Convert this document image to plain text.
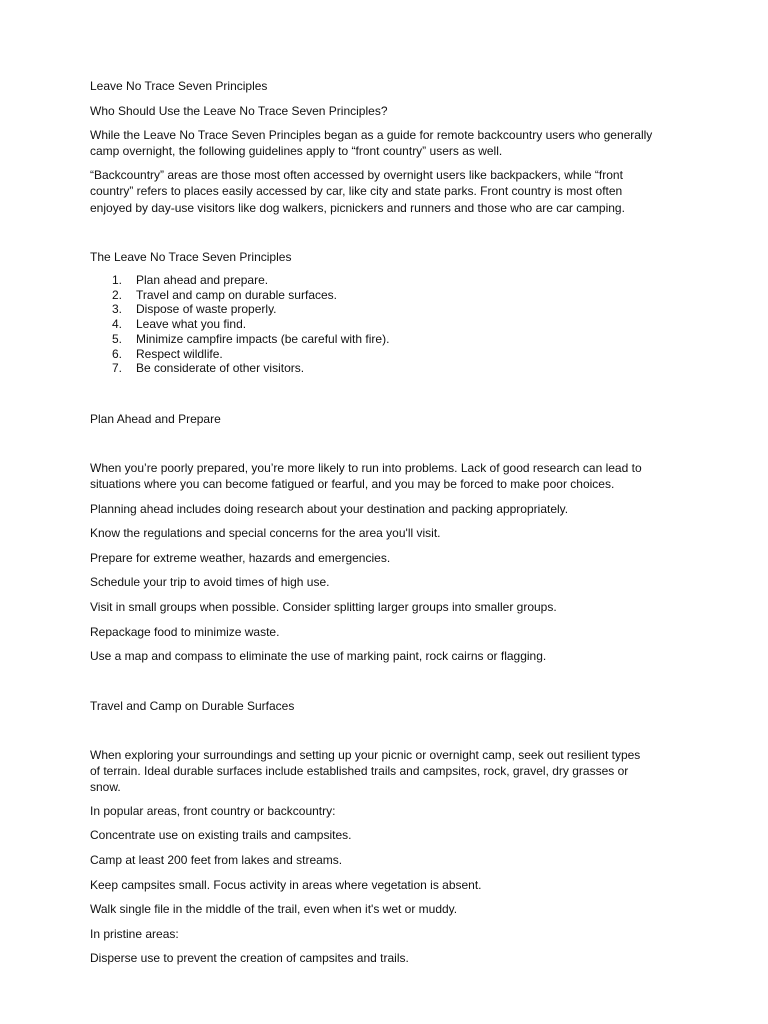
Leave No Trace Seven Principles
Who Should Use the Leave No Trace Seven Principles?
While the Leave No Trace Seven Principles began as a guide for remote backcountry users who generally
camp overnight, the following guidelines apply to “front country” users as well.
“Backcountry” areas are those most often accessed by overnight users like backpackers, while “front
country” refers to places easily accessed by car, like city and state parks. Front country is most often
enjoyed by day-use visitors like dog walkers, picnickers and runners and those who are car camping.
The Leave No Trace Seven Principles
1. Plan ahead and prepare.
2. Travel and camp on durable surfaces.
3. Dispose of waste properly.
4. Leave what you find.
5. Minimize campfire impacts (be careful with fire).
6. Respect wildlife.
7. Be considerate of other visitors.
Plan Ahead and Prepare
When you’re poorly prepared, you’re more likely to run into problems. Lack of good research can lead to
situations where you can become fatigued or fearful, and you may be forced to make poor choices.
Planning ahead includes doing research about your destination and packing appropriately.
Know the regulations and special concerns for the area you'll visit.
Prepare for extreme weather, hazards and emergencies.
Schedule your trip to avoid times of high use.
Visit in small groups when possible. Consider splitting larger groups into smaller groups.
Repackage food to minimize waste.
Use a map and compass to eliminate the use of marking paint, rock cairns or flagging.
Travel and Camp on Durable Surfaces
When exploring your surroundings and setting up your picnic or overnight camp, seek out resilient types
of terrain. Ideal durable surfaces include established trails and campsites, rock, gravel, dry grasses or
snow.
In popular areas, front country or backcountry:
Concentrate use on existing trails and campsites.
Camp at least 200 feet from lakes and streams.
Keep campsites small. Focus activity in areas where vegetation is absent.
Walk single file in the middle of the trail, even when it's wet or muddy.
In pristine areas:
Disperse use to prevent the creation of campsites and trails.
